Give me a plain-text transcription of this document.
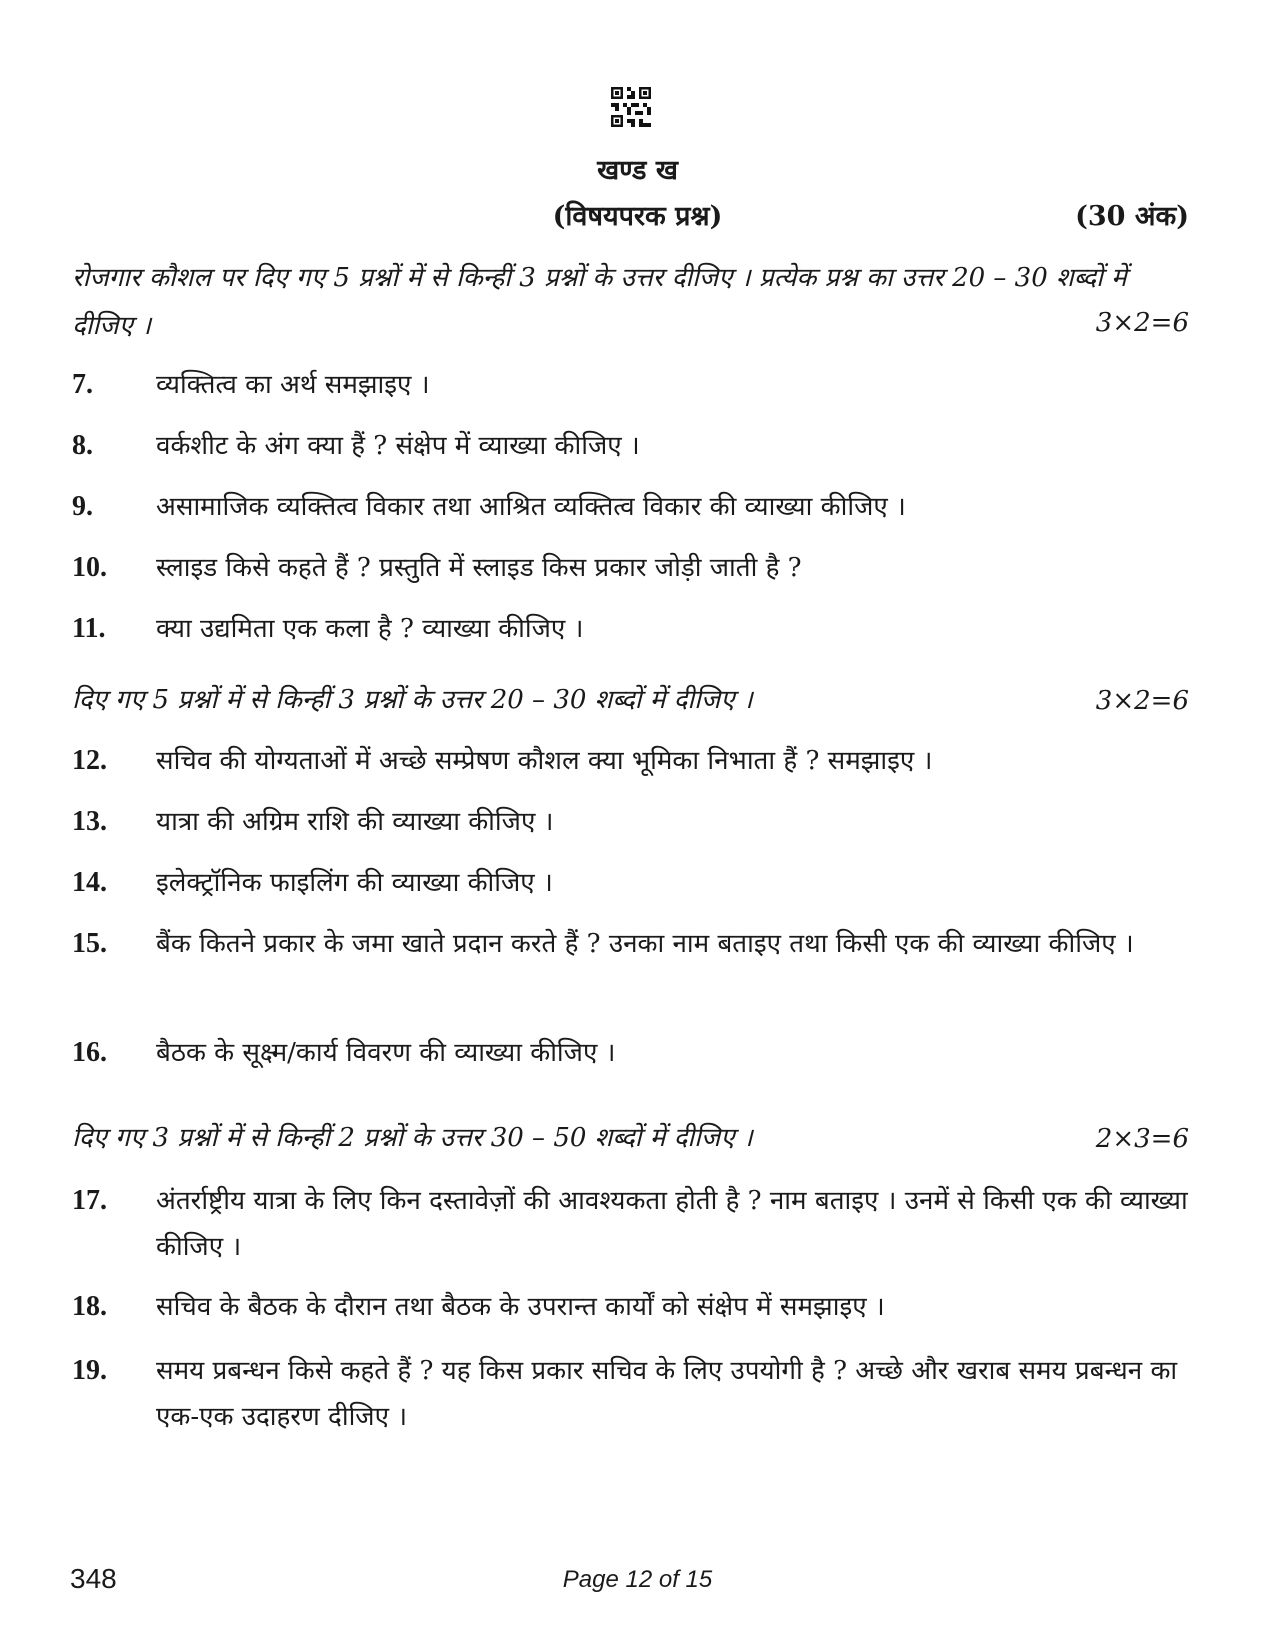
खण्ड ख
(विषयपरक प्रश्न)	(30 अंक)
रोजगार कौशल पर दिए गए 5 प्रश्नों में से किन्हीं 3 प्रश्नों के उत्तर दीजिए । प्रत्येक प्रश्न का उत्तर 20 – 30 शब्दों में दीजिए ।	3×2=6
7. व्यक्तित्व का अर्थ समझाइए ।
8. वर्कशीट के अंग क्या हैं ? संक्षेप में व्याख्या कीजिए ।
9. असामाजिक व्यक्तित्व विकार तथा आश्रित व्यक्तित्व विकार की व्याख्या कीजिए ।
10. स्लाइड किसे कहते हैं ? प्रस्तुति में स्लाइड किस प्रकार जोड़ी जाती है ?
11. क्या उद्यमिता एक कला है ? व्याख्या कीजिए ।
दिए गए 5 प्रश्नों में से किन्हीं 3 प्रश्नों के उत्तर 20 – 30 शब्दों में दीजिए ।	3×2=6
12. सचिव की योग्यताओं में अच्छे सम्प्रेषण कौशल क्या भूमिका निभाता हैं ? समझाइए ।
13. यात्रा की अग्रिम राशि की व्याख्या कीजिए ।
14. इलेक्ट्रॉनिक फाइलिंग की व्याख्या कीजिए ।
15. बैंक कितने प्रकार के जमा खाते प्रदान करते हैं ? उनका नाम बताइए तथा किसी एक की व्याख्या कीजिए ।
16. बैठक के सूक्ष्म/कार्य विवरण की व्याख्या कीजिए ।
दिए गए 3 प्रश्नों में से किन्हीं 2 प्रश्नों के उत्तर 30 – 50 शब्दों में दीजिए ।	2×3=6
17. अंतर्राष्ट्रीय यात्रा के लिए किन दस्तावेज़ों की आवश्यकता होती है ? नाम बताइए । उनमें से किसी एक की व्याख्या कीजिए ।
18. सचिव के बैठक के दौरान तथा बैठक के उपरान्त कार्यों को संक्षेप में समझाइए ।
19. समय प्रबन्धन किसे कहते हैं ? यह किस प्रकार सचिव के लिए उपयोगी है ? अच्छे और खराब समय प्रबन्धन का एक-एक उदाहरण दीजिए ।
348	Page 12 of 15
